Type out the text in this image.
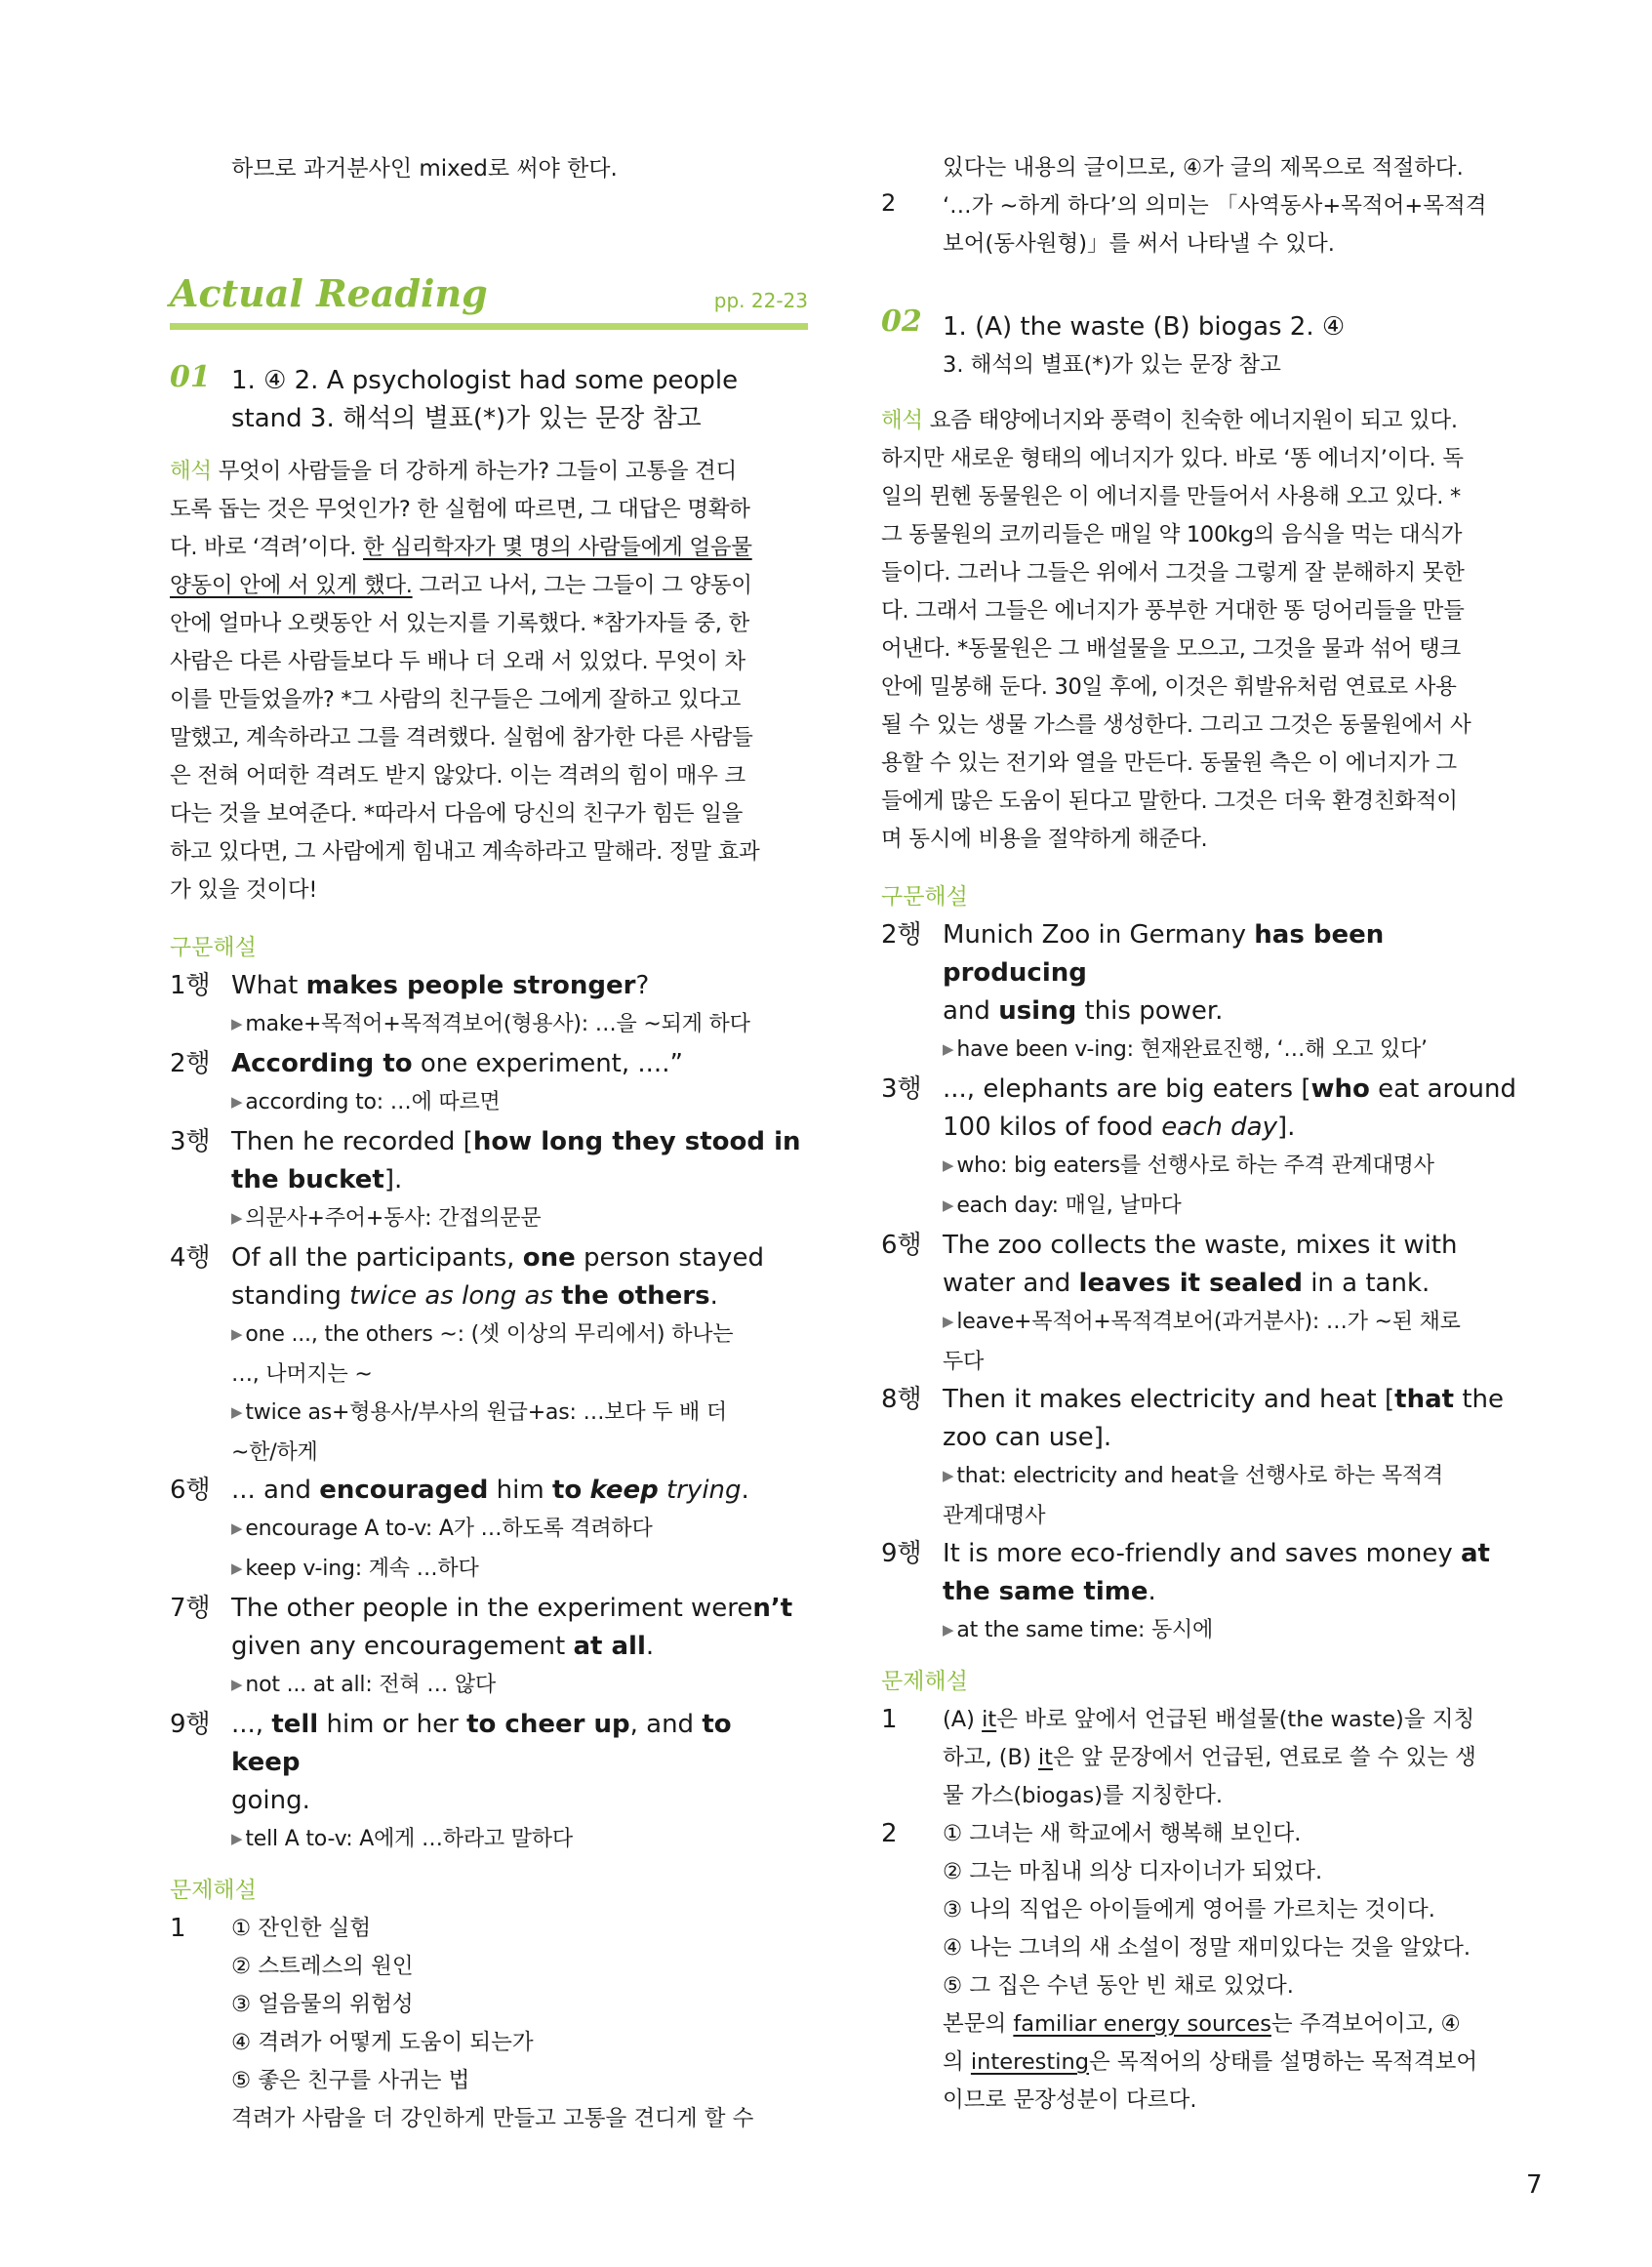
하므로 과거분사인 mixed로 써야 한다.
Actual Reading	pp. 22-23
01 1. ④ 2. A psychologist had some people
stand 3. 해석의 별표(*)가 있는 문장 참고
해석 무엇이 사람들을 더 강하게 하는가? 그들이 고통을 견디
도록 돕는 것은 무엇인가? 한 실험에 따르면, 그 대답은 명확하
다. 바로 ‘격려’이다. 한 심리학자가 몇 명의 사람들에게 얼음물
양동이 안에 서 있게 했다. 그러고 나서, 그는 그들이 그 양동이
안에 얼마나 오랫동안 서 있는지를 기록했다. *참가자들 중, 한
사람은 다른 사람들보다 두 배나 더 오래 서 있었다. 무엇이 차
이를 만들었을까? *그 사람의 친구들은 그에게 잘하고 있다고
말했고, 계속하라고 그를 격려했다. 실험에 참가한 다른 사람들
은 전혀 어떠한 격려도 받지 않았다. 이는 격려의 힘이 매우 크
다는 것을 보여준다. *따라서 다음에 당신의 친구가 힘든 일을
하고 있다면, 그 사람에게 힘내고 계속하라고 말해라. 정말 효과
가 있을 것이다!
구문해설
1행 What makes people stronger?
▶ make+목적어+목적격보어(형용사): …을 ~되게 하다
2행 According to one experiment, ....”
▶ according to: …에 따르면
3행 Then he recorded [how long they stood in
the bucket].
▶ 의문사+주어+동사: 간접의문문
4행 Of all the participants, one person stayed
standing twice as long as the others.
▶ one ..., the others ~: (셋 이상의 무리에서) 하나는
…, 나머지는 ~
▶ twice as+형용사/부사의 원급+as: …보다 두 배 더
~한/하게
6행 ... and encouraged him to keep trying.
▶ encourage A to-v: A가 …하도록 격려하다
▶ keep v-ing: 계속 …하다
7행 The other people in the experiment weren’t
given any encouragement at all.
▶ not ... at all: 전혀 … 않다
9행 ..., tell him or her to cheer up, and to keep
going.
▶ tell A to-v: A에게 …하라고 말하다
문제해설
1 ① 잔인한 실험
② 스트레스의 원인
③ 얼음물의 위험성
④ 격려가 어떻게 도움이 되는가
⑤ 좋은 친구를 사귀는 법
격려가 사람을 더 강인하게 만들고 고통을 견디게 할 수
있다는 내용의 글이므로, ④가 글의 제목으로 적절하다.
2 ‘…가 ~하게 하다’의 의미는 「사역동사+목적어+목적격
보어(동사원형)」를 써서 나타낼 수 있다.
02 1. (A) the waste (B) biogas 2. ④
3. 해석의 별표(*)가 있는 문장 참고
해석 요즘 태양에너지와 풍력이 친숙한 에너지원이 되고 있다.
하지만 새로운 형태의 에너지가 있다. 바로 ‘똥 에너지’이다. 독
일의 뮌헨 동물원은 이 에너지를 만들어서 사용해 오고 있다. *
그 동물원의 코끼리들은 매일 약 100kg의 음식을 먹는 대식가
들이다. 그러나 그들은 위에서 그것을 그렇게 잘 분해하지 못한
다. 그래서 그들은 에너지가 풍부한 거대한 똥 덩어리들을 만들
어낸다. *동물원은 그 배설물을 모으고, 그것을 물과 섞어 탱크
안에 밀봉해 둔다. 30일 후에, 이것은 휘발유처럼 연료로 사용
될 수 있는 생물 가스를 생성한다. 그리고 그것은 동물원에서 사
용할 수 있는 전기와 열을 만든다. 동물원 측은 이 에너지가 그
들에게 많은 도움이 된다고 말한다. 그것은 더욱 환경친화적이
며 동시에 비용을 절약하게 해준다.
구문해설
2행 Munich Zoo in Germany has been producing
and using this power.
▶ have been v-ing: 현재완료진행, ‘…해 오고 있다’
3행 ..., elephants are big eaters [who eat around
100 kilos of food each day].
▶ who: big eaters를 선행사로 하는 주격 관계대명사
▶ each day: 매일, 날마다
6행 The zoo collects the waste, mixes it with
water and leaves it sealed in a tank.
▶ leave+목적어+목적격보어(과거분사): …가 ~된 채로
두다
8행 Then it makes electricity and heat [that the
zoo can use].
▶ that: electricity and heat을 선행사로 하는 목적격
관계대명사
9행 It is more eco-friendly and saves money at
the same time.
▶ at the same time: 동시에
문제해설
1 (A) it은 바로 앞에서 언급된 배설물(the waste)을 지칭
하고, (B) it은 앞 문장에서 언급된, 연료로 쓸 수 있는 생
물 가스(biogas)를 지칭한다.
2 ① 그녀는 새 학교에서 행복해 보인다.
② 그는 마침내 의상 디자이너가 되었다.
③ 나의 직업은 아이들에게 영어를 가르치는 것이다.
④ 나는 그녀의 새 소설이 정말 재미있다는 것을 알았다.
⑤ 그 집은 수년 동안 빈 채로 있었다.
본문의 familiar energy sources는 주격보어이고, ④
의 interesting은 목적어의 상태를 설명하는 목적격보어
이므로 문장성분이 다르다.
7
